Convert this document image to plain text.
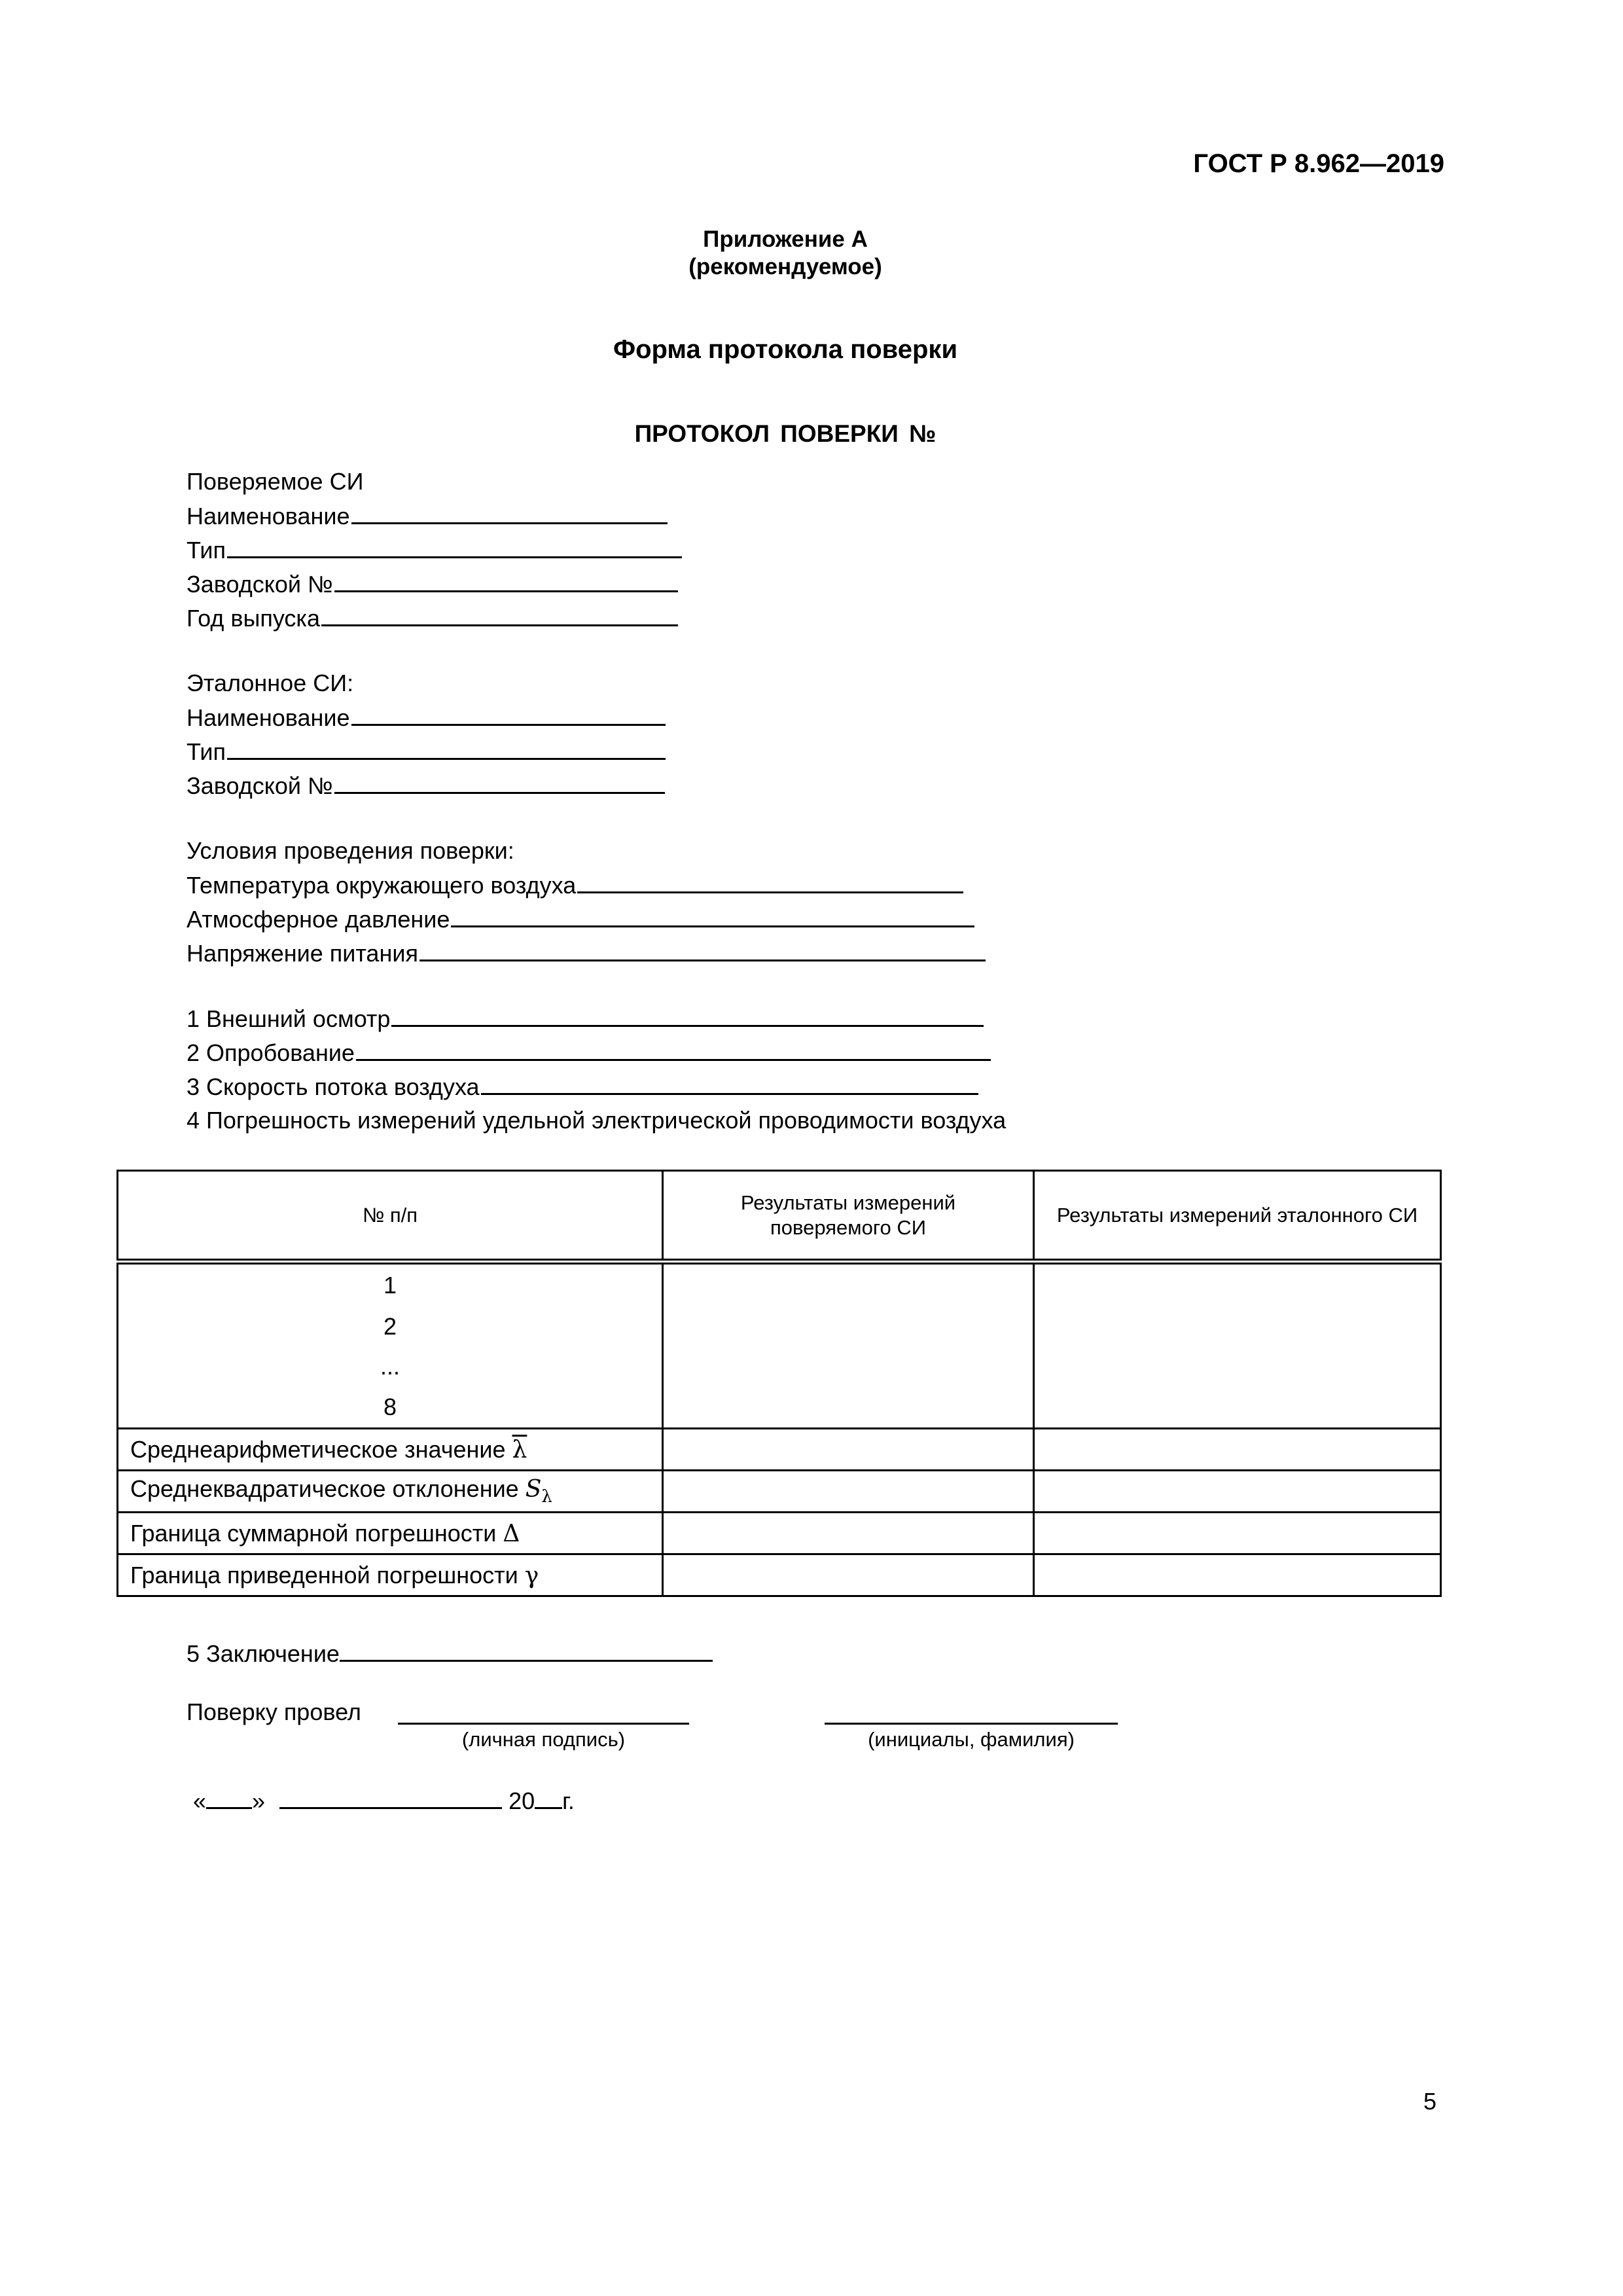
ГОСТ Р 8.962—2019
Приложение А
(рекомендуемое)
Форма протокола поверки
ПРОТОКОЛ ПОВЕРКИ №
Поверяемое СИ
Наименование
Тип
Заводской №
Год выпуска
Эталонное СИ:
Наименование
Тип
Заводской №
Условия проведения поверки:
Температура окружающего воздуха
Атмосферное давление
Напряжение питания
1 Внешний осмотр
2 Опробование
3 Скорость потока воздуха
4 Погрешность измерений удельной электрической проводимости воздуха
№ п/п	Результаты измерений поверяемого СИ	Результаты измерений эталонного СИ

1
2
...
8		

Среднеарифметическое значение $\overline{\lambda}$		
Среднеквадратическое отклонение $S_\lambda$		
Граница суммарной погрешности Δ		
Граница приведенной погрешности γ		
5 Заключение
Поверку провел
(личная подпись)	(инициалы, фамилия)
« »	20 г.
5
